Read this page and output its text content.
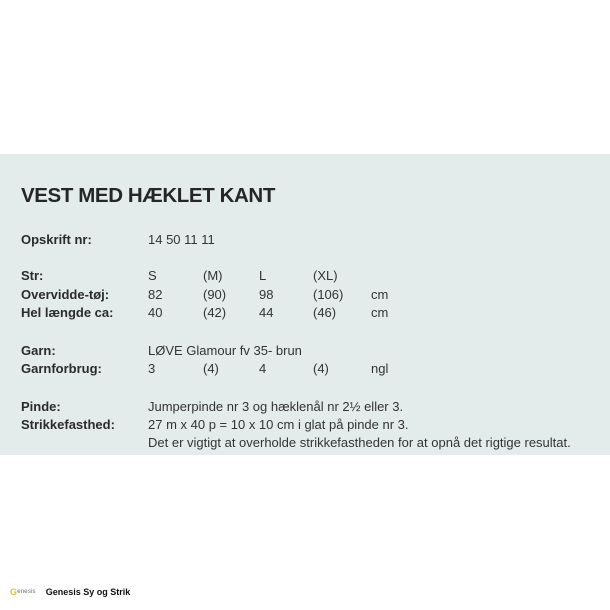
VEST MED HÆKLET KANT
Opskrift nr:	14 50 11 11
Str:	S	(M)	L	(XL)
Overvidde-tøj:	82	(90)	98	(106) cm
Hel længde ca:	40	(42)	44	(46)	cm
Garn:	LØVE Glamour fv 35- brun
Garnforbrug:	3	(4)	4	(4)	ngl
Pinde:	Jumperpinde nr 3 og hæklenål nr 2½ eller 3.
Strikkefasthed:	27 m x 40 p = 10 x 10 cm i glat på pinde nr 3.
Det er vigtigt at overholde strikkefastheden for at opnå det rigtige resultat.
G enesis Genesis Sy og Strik
